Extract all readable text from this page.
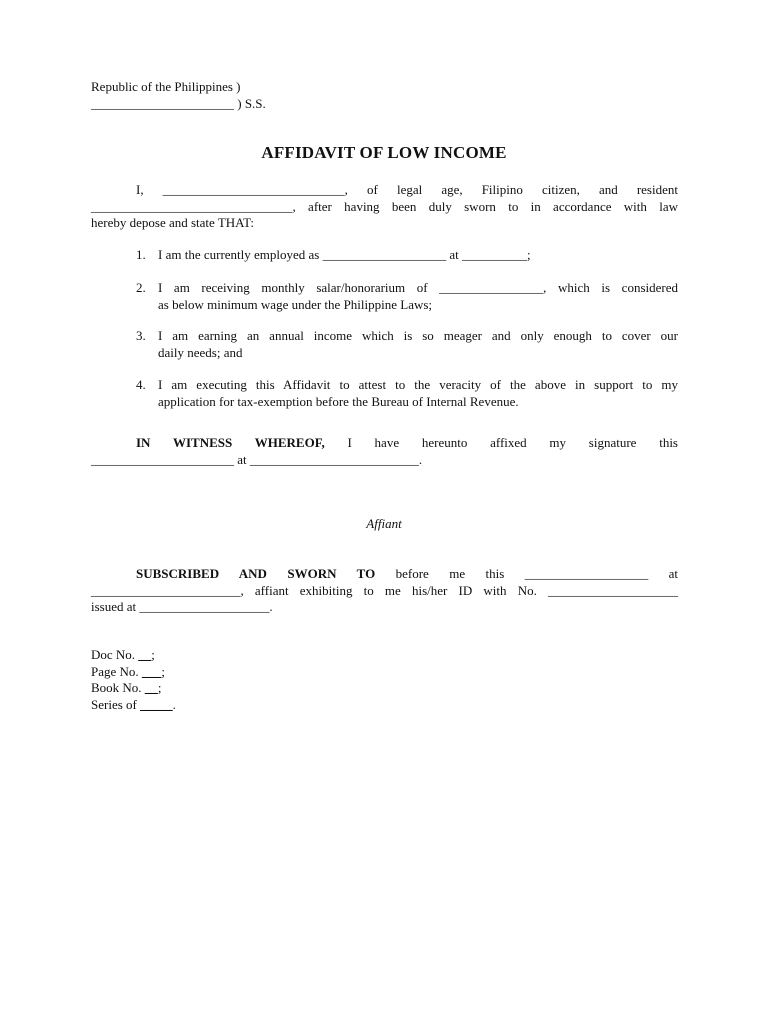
Republic of the Philippines )
______________________ ) S.S.
AFFIDAVIT OF LOW INCOME
I, ____________________________, of legal age, Filipino citizen, and resident
_______________________________, after having been duly sworn to in accordance with law
hereby depose and state THAT:
1. I am the currently employed as ___________________ at __________;
2. I am receiving monthly salar/honorarium of ________________, which is considered
as below minimum wage under the Philippine Laws;
3. I am earning an annual income which is so meager and only enough to cover our
daily needs; and
4. I am executing this Affidavit to attest to the veracity of the above in support to my
application for tax-exemption before the Bureau of Internal Revenue.
IN WITNESS WHEREOF, I have hereunto affixed my signature this
______________________ at __________________________.
Affiant
SUBSCRIBED AND SWORN TO before me this ___________________ at
_______________________, affiant exhibiting to me his/her ID with No. ____________________
issued at ____________________.
Doc No. __;
Page No. ___;
Book No. __;
Series of _____.
